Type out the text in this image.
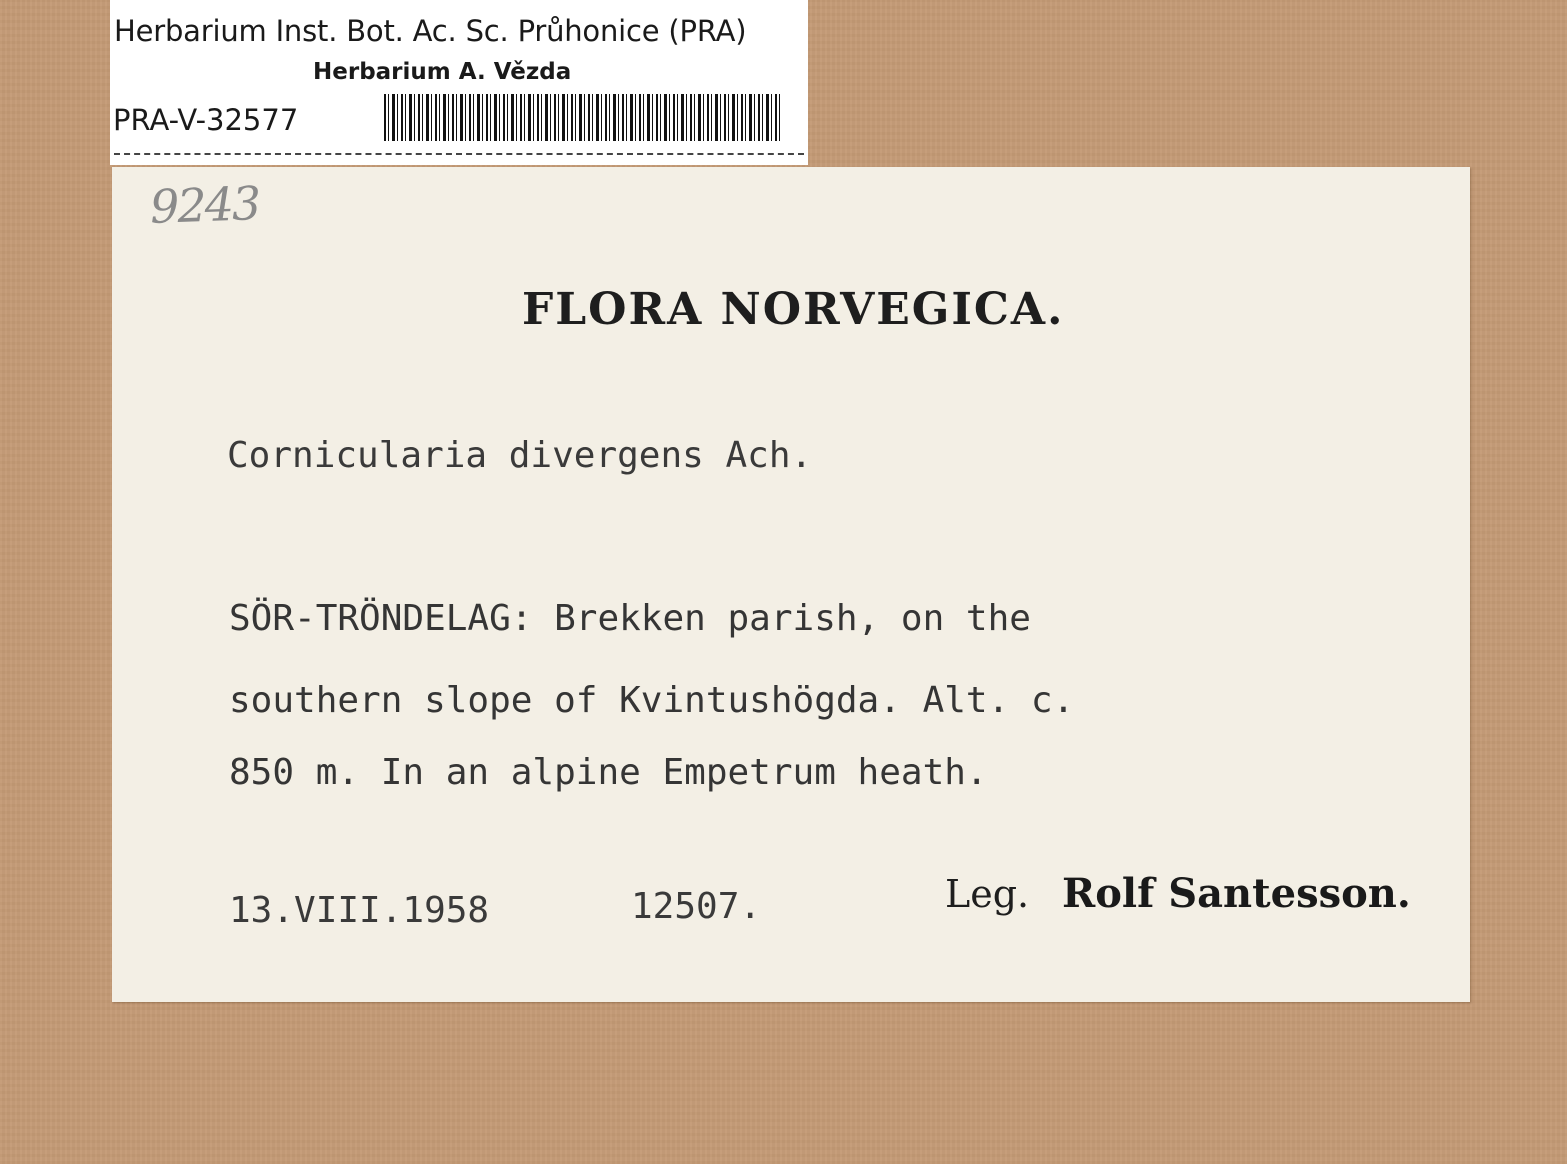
Herbarium Inst. Bot. Ac. Sc. Průhonice (PRA)
Herbarium A. Vězda
PRA-V-32577
9243
FLORA NORVEGICA.
Cornicularia divergens Ach.
SÖR-TRÖNDELAG: Brekken parish, on the
southern slope of Kvintushögda. Alt. c.
850 m. In an alpine Empetrum heath.
13.VIII.1958	12507.	Leg. Rolf Santesson.
